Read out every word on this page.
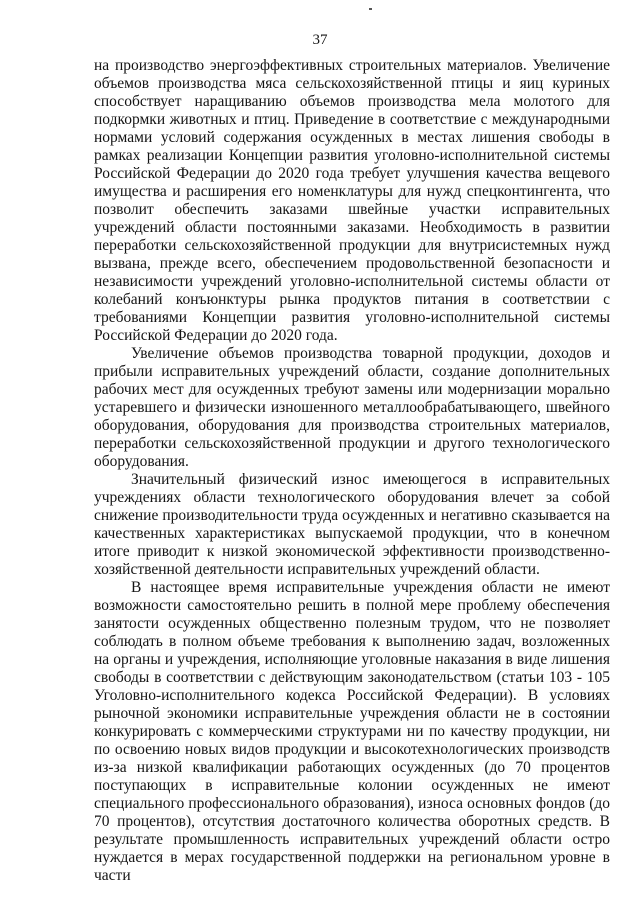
37

на производство энергоэффективных строительных материалов. Увеличение объемов производства мяса сельскохозяйственной птицы и яиц куриных способствует наращиванию объемов производства мела молотого для подкормки животных и птиц. Приведение в соответствие с международными нормами условий содержания осужденных в местах лишения свободы в рамках реализации Концепции развития уголовно-исполнительной системы Российской Федерации до 2020 года требует улучшения качества вещевого имущества и расширения его номенклатуры для нужд спецконтингента, что позволит обеспечить заказами швейные участки исправительных учреждений области постоянными заказами. Необходимость в развитии переработки сельскохозяйственной продукции для внутрисистемных нужд вызвана, прежде всего, обеспечением продовольственной безопасности и независимости учреждений уголовно-исполнительной системы области от колебаний конъюнктуры рынка продуктов питания в соответствии с требованиями Концепции развития уголовно-исполнительной системы Российской Федерации до 2020 года.

Увеличение объемов производства товарной продукции, доходов и прибыли исправительных учреждений области, создание дополнительных рабочих мест для осужденных требуют замены или модернизации морально устаревшего и физически изношенного металлообрабатывающего, швейного оборудования, оборудования для производства строительных материалов, переработки сельскохозяйственной продукции и другого технологического оборудования.

Значительный физический износ имеющегося в исправительных учреждениях области технологического оборудования влечет за собой снижение производительности труда осужденных и негативно сказывается на качественных характеристиках выпускаемой продукции, что в конечном итоге приводит к низкой экономической эффективности производственно-хозяйственной деятельности исправительных учреждений области.

В настоящее время исправительные учреждения области не имеют возможности самостоятельно решить в полной мере проблему обеспечения занятости осужденных общественно полезным трудом, что не позволяет соблюдать в полном объеме требования к выполнению задач, возложенных на органы и учреждения, исполняющие уголовные наказания в виде лишения свободы в соответствии с действующим законодательством (статьи 103 - 105 Уголовно-исполнительного кодекса Российской Федерации). В условиях рыночной экономики исправительные учреждения области не в состоянии конкурировать с коммерческими структурами ни по качеству продукции, ни по освоению новых видов продукции и высокотехнологических производств из-за низкой квалификации работающих осужденных (до 70 процентов поступающих в исправительные колонии осужденных не имеют специального профессионального образования), износа основных фондов (до 70 процентов), отсутствия достаточного количества оборотных средств. В результате промышленность исправительных учреждений области остро нуждается в мерах государственной поддержки на региональном уровне в части
